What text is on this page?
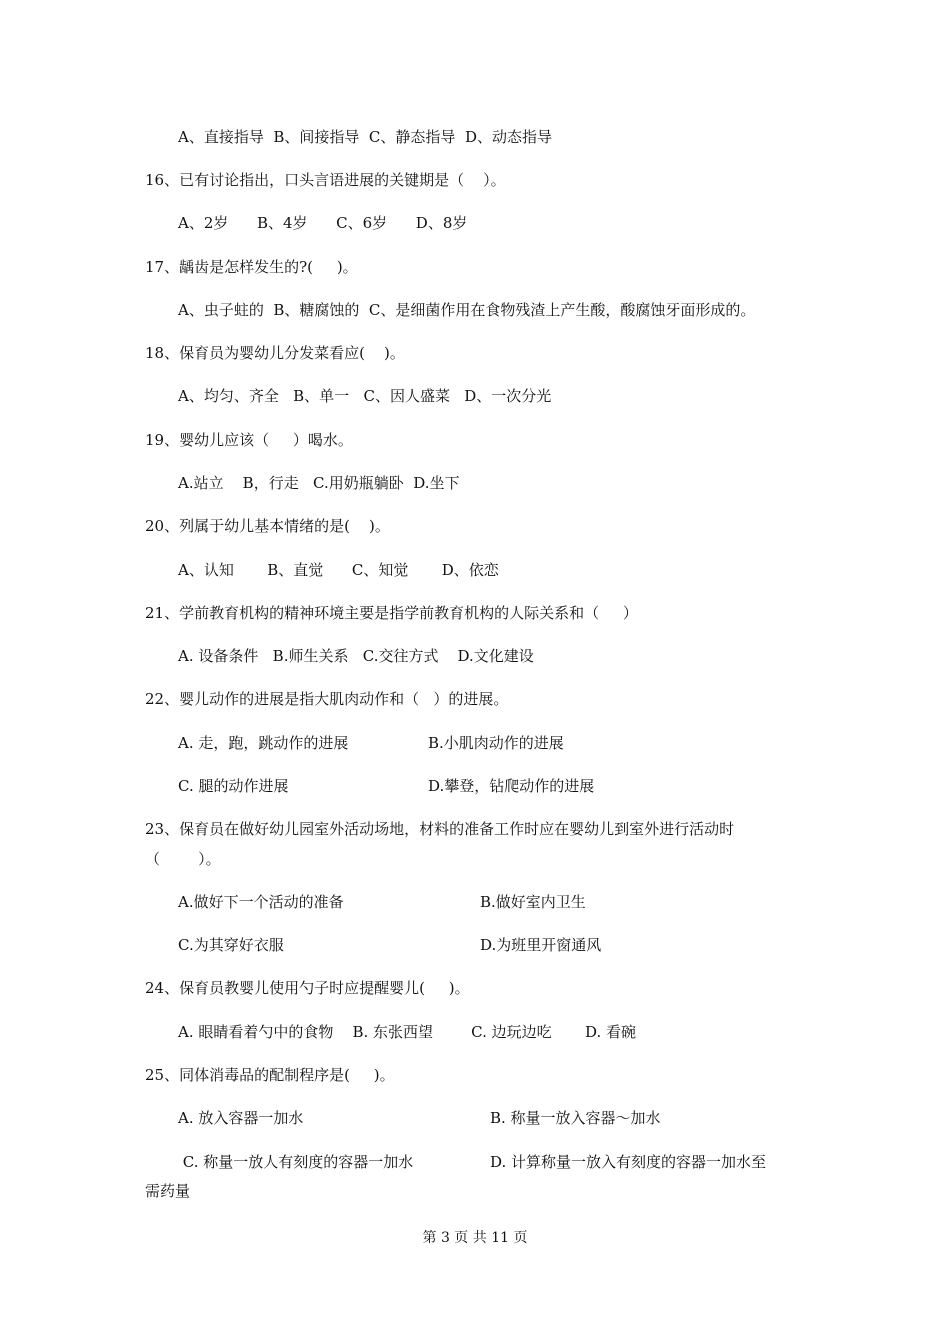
A、直接指导  B、间接指导  C、静态指导  D、动态指导
16、已有讨论指出，口头言语进展的关键期是（    ）。
A、2岁      B、4岁      C、6岁      D、8岁
17、龋齿是怎样发生的?(     )。
A、虫子蛀的  B、糖腐蚀的  C、是细菌作用在食物残渣上产生酸，酸腐蚀牙面形成的。
18、保育员为婴幼儿分发菜看应(    )。
A、均匀、齐全   B、单一   C、因人盛菜   D、一次分光
19、婴幼儿应该（     ）喝水。
A.站立    B，行走   C.用奶瓶躺卧  D.坐下
20、列属于幼儿基本情绪的是(    )。
A、认知       B、直觉      C、知觉       D、依恋
21、学前教育机构的精神环境主要是指学前教育机构的人际关系和（     ）
A. 设备条件   B.师生关系   C.交往方式    D.文化建设
22、婴儿动作的进展是指大肌肉动作和（   ）的进展。
A. 走，跑，跳动作的进展	B.小肌肉动作的进展
C. 腿的动作进展	D.攀登，钻爬动作的进展
23、保育员在做好幼儿园室外活动场地，材料的准备工作时应在婴幼儿到室外进行活动时
（        ）。
A.做好下一个活动的准备	B.做好室内卫生
C.为其穿好衣服	D.为班里开窗通风
24、保育员教婴儿使用勺子时应提醒婴儿(     )。
A. 眼睛看着勺中的食物    B. 东张西望        C. 边玩边吃       D. 看碗
25、同体消毒品的配制程序是(     )。
A. 放入容器一加水	B. 称量一放入容器～加水
C. 称量一放人有刻度的容器一加水	D. 计算称量一放入有刻度的容器一加水至
需药量
第 3 页 共 11 页
